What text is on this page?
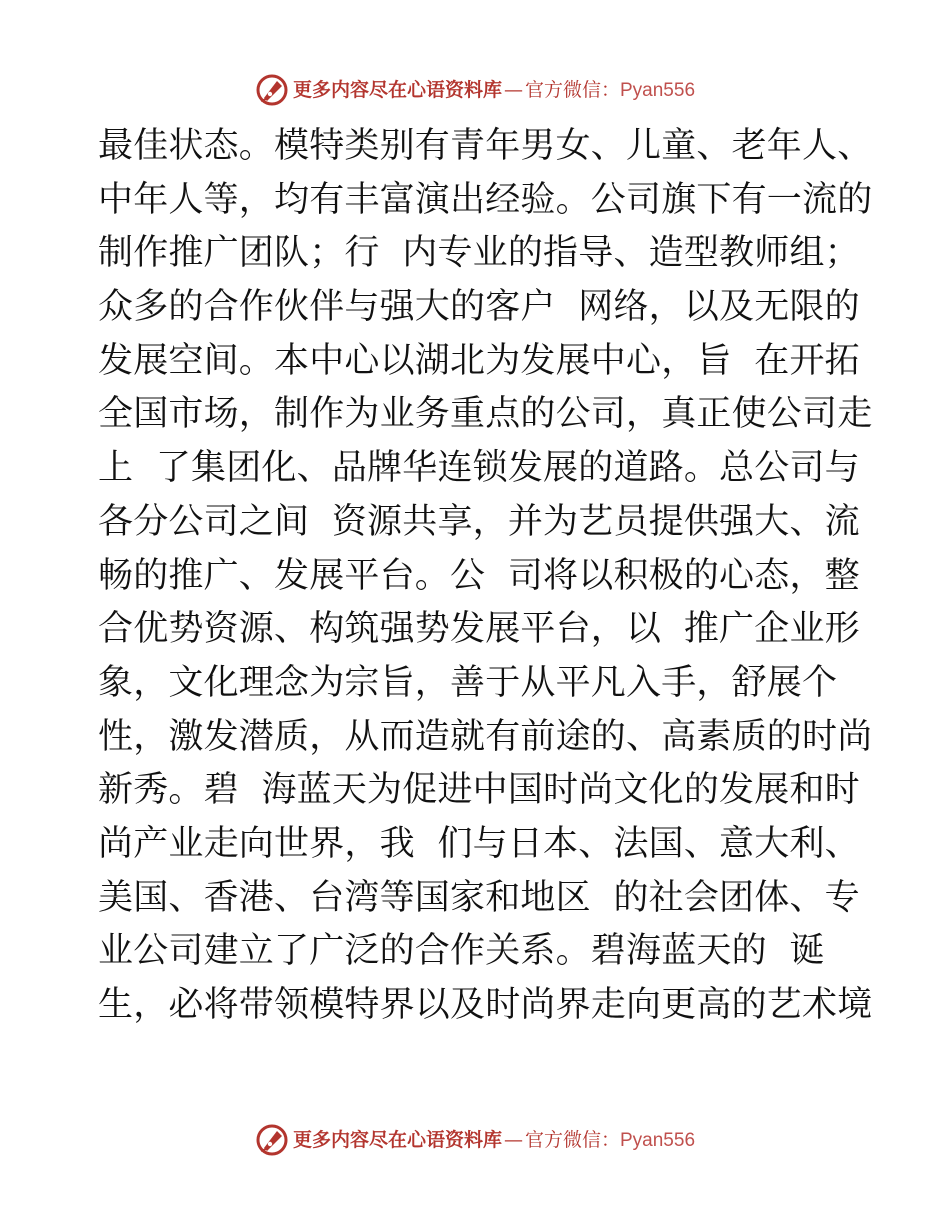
更多内容尽在心语资料库 — 官方微信： Pyan556
最佳状态。模特类别有青年男女、儿童、老年人、
中年人等，均有丰富演出经验。公司旗下有一流的
制作推广团队；行  内专业的指导、造型教师组；
众多的合作伙伴与强大的客户  网络，以及无限的
发展空间。本中心以湖北为发展中心，旨  在开拓
全国市场，制作为业务重点的公司，真正使公司走
上  了集团化、品牌华连锁发展的道路。总公司与
各分公司之间  资源共享，并为艺员提供强大、流
畅的推广、发展平台。公  司将以积极的心态，整
合优势资源、构筑强势发展平台，以  推广企业形
象，文化理念为宗旨，善于从平凡入手，舒展个
性，激发潜质，从而造就有前途的、高素质的时尚
新秀。碧  海蓝天为促进中国时尚文化的发展和时
尚产业走向世界，我  们与日本、法国、意大利、
美国、香港、台湾等国家和地区  的社会团体、专
业公司建立了广泛的合作关系。碧海蓝天的  诞
生，必将带领模特界以及时尚界走向更高的艺术境
更多内容尽在心语资料库 — 官方微信： Pyan556
